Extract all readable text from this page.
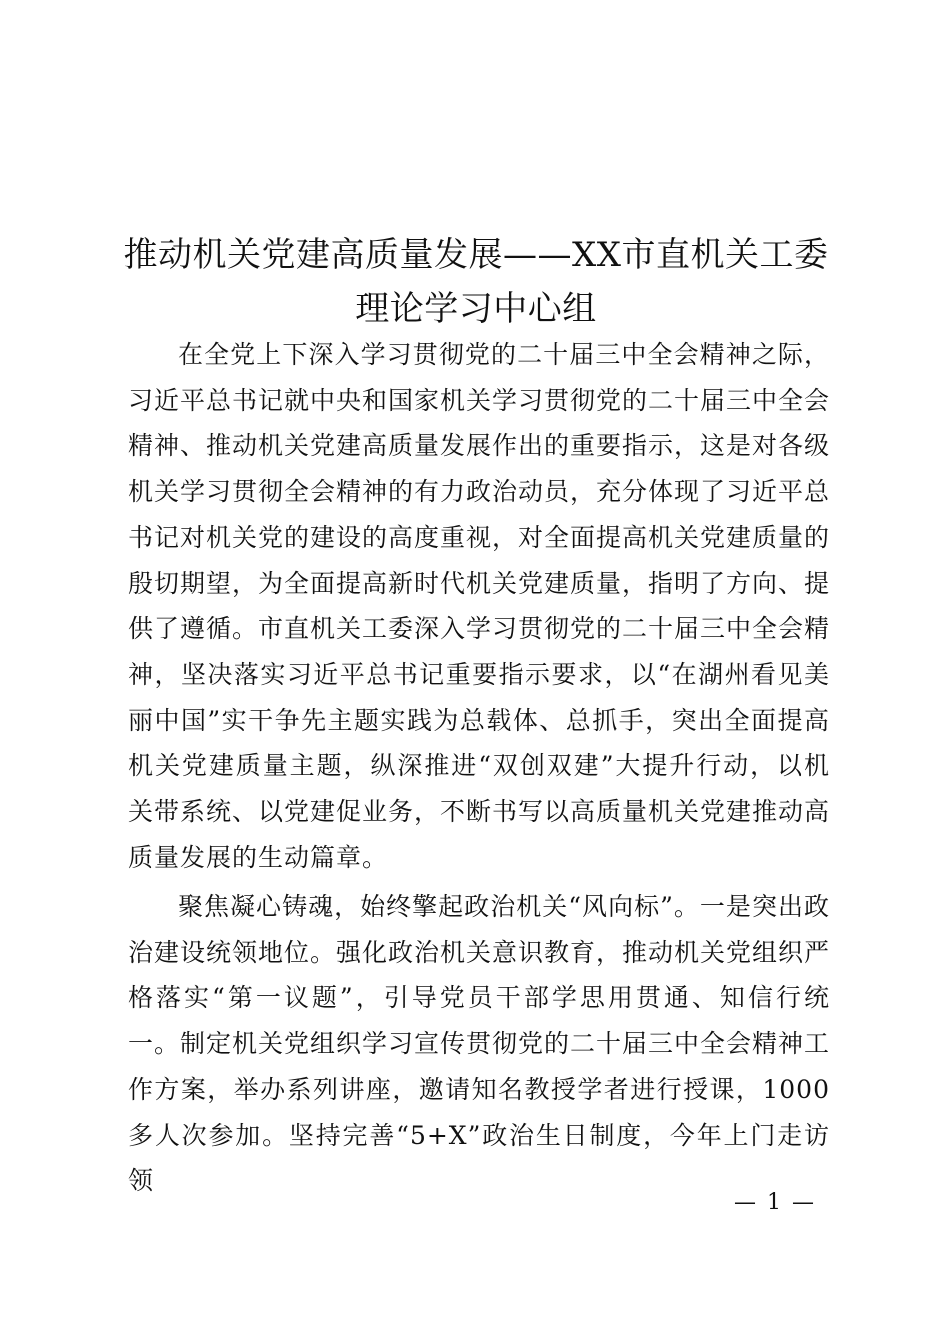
推动机关党建高质量发展——XX市直机关工委理论学习中心组

在全党上下深入学习贯彻党的二十届三中全会精神之际，习近平总书记就中央和国家机关学习贯彻党的二十届三中全会精神、推动机关党建高质量发展作出的重要指示，这是对各级机关学习贯彻全会精神的有力政治动员，充分体现了习近平总书记对机关党的建设的高度重视，对全面提高机关党建质量的殷切期望，为全面提高新时代机关党建质量，指明了方向、提供了遵循。市直机关工委深入学习贯彻党的二十届三中全会精神，坚决落实习近平总书记重要指示要求，以“在湖州看见美丽中国”实干争先主题实践为总载体、总抓手，突出全面提高机关党建质量主题，纵深推进“双创双建”大提升行动，以机关带系统、以党建促业务，不断书写以高质量机关党建推动高质量发展的生动篇章。

聚焦凝心铸魂，始终擎起政治机关“风向标”。一是突出政治建设统领地位。强化政治机关意识教育，推动机关党组织严格落实“第一议题”，引导党员干部学思用贯通、知信行统一。制定机关党组织学习宣传贯彻党的二十届三中全会精神工作方案，举办系列讲座，邀请知名教授学者进行授课，1000多人次参加。坚持完善“5+X”政治生日制度，今年上门走访领

— 1 —
